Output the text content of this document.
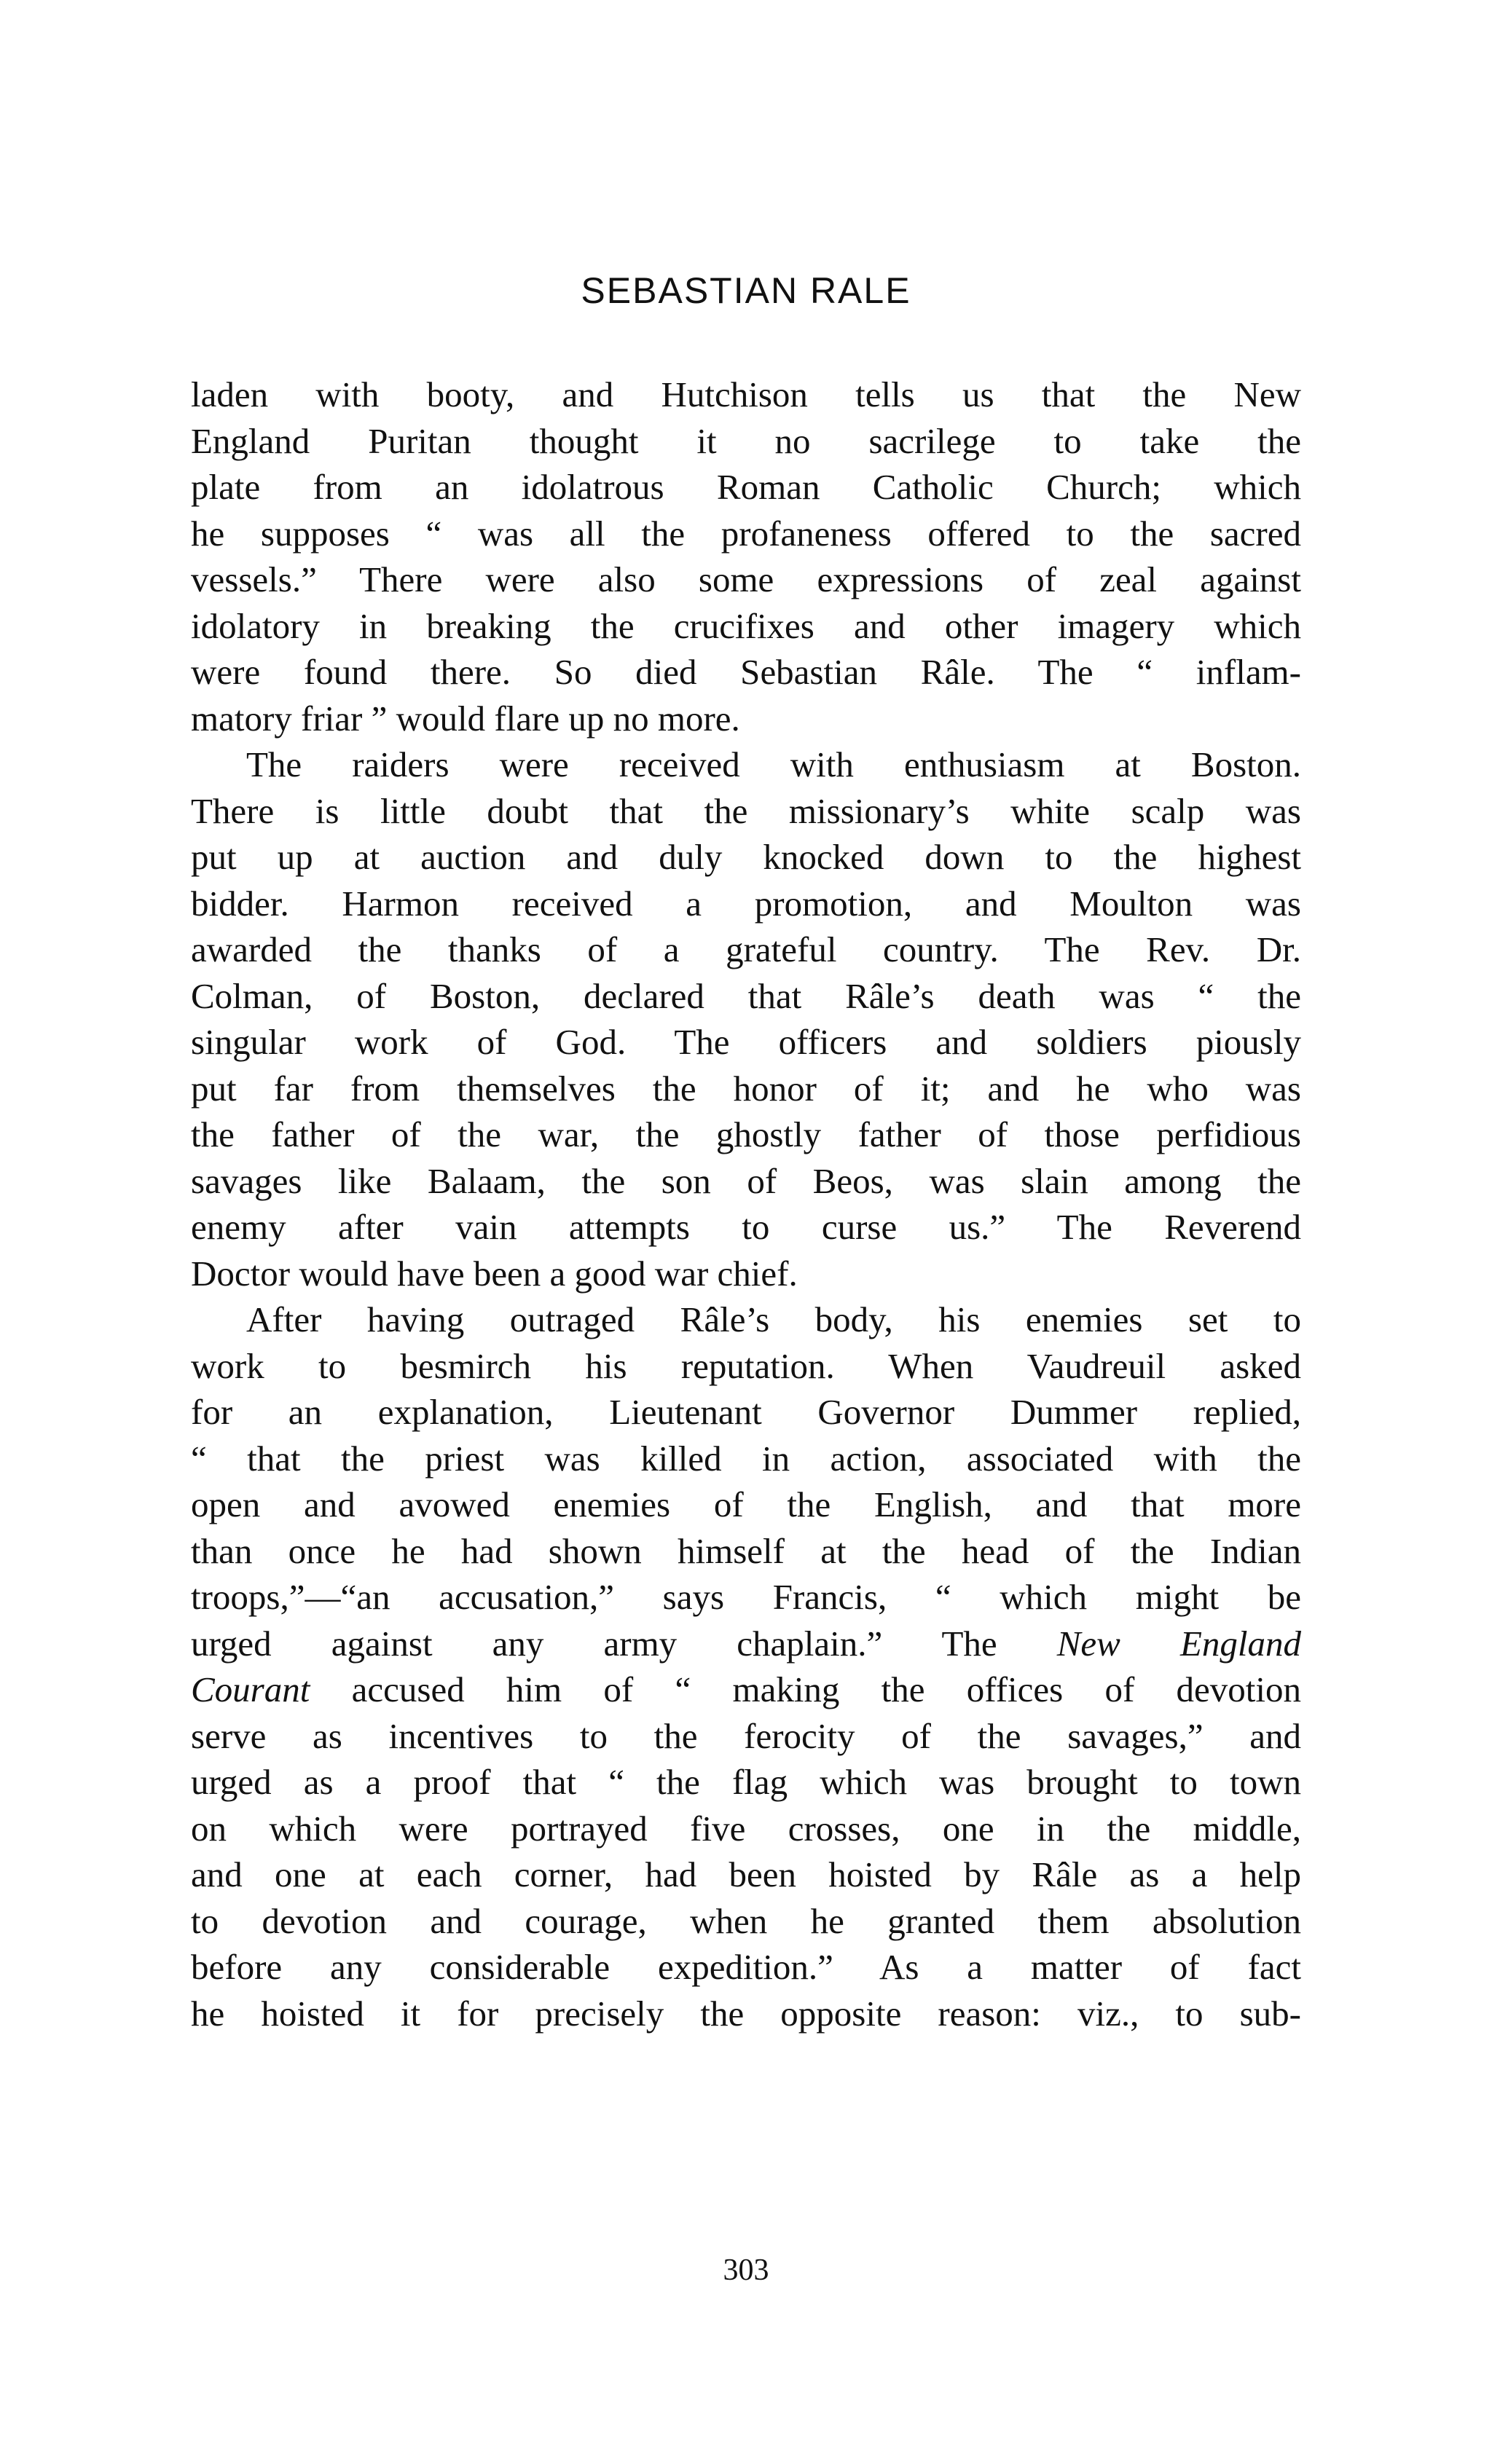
SEBASTIAN RALE
laden with booty, and Hutchison tells us that the New
England Puritan thought it no sacrilege to take the
plate from an idolatrous Roman Catholic Church; which
he supposes “ was all the profaneness offered to the sacred
vessels.” There were also some expressions of zeal against
idolatory in breaking the crucifixes and other imagery which
were found there. So died Sebastian Râle. The “ inflam-
matory friar ” would flare up no more.
The raiders were received with enthusiasm at Boston.
There is little doubt that the missionary’s white scalp was
put up at auction and duly knocked down to the highest
bidder. Harmon received a promotion, and Moulton was
awarded the thanks of a grateful country. The Rev. Dr.
Colman, of Boston, declared that Râle’s death was “ the
singular work of God. The officers and soldiers piously
put far from themselves the honor of it; and he who was
the father of the war, the ghostly father of those perfidious
savages like Balaam, the son of Beos, was slain among the
enemy after vain attempts to curse us.” The Reverend
Doctor would have been a good war chief.
After having outraged Râle’s body, his enemies set to
work to besmirch his reputation. When Vaudreuil asked
for an explanation, Lieutenant Governor Dummer replied,
“ that the priest was killed in action, associated with the
open and avowed enemies of the English, and that more
than once he had shown himself at the head of the Indian
troops,”—“an accusation,” says Francis, “ which might be
urged against any army chaplain.” The New England
Courant accused him of “ making the offices of devotion
serve as incentives to the ferocity of the savages,” and
urged as a proof that “ the flag which was brought to town
on which were portrayed five crosses, one in the middle,
and one at each corner, had been hoisted by Râle as a help
to devotion and courage, when he granted them absolution
before any considerable expedition.” As a matter of fact
he hoisted it for precisely the opposite reason: viz., to sub-
303
